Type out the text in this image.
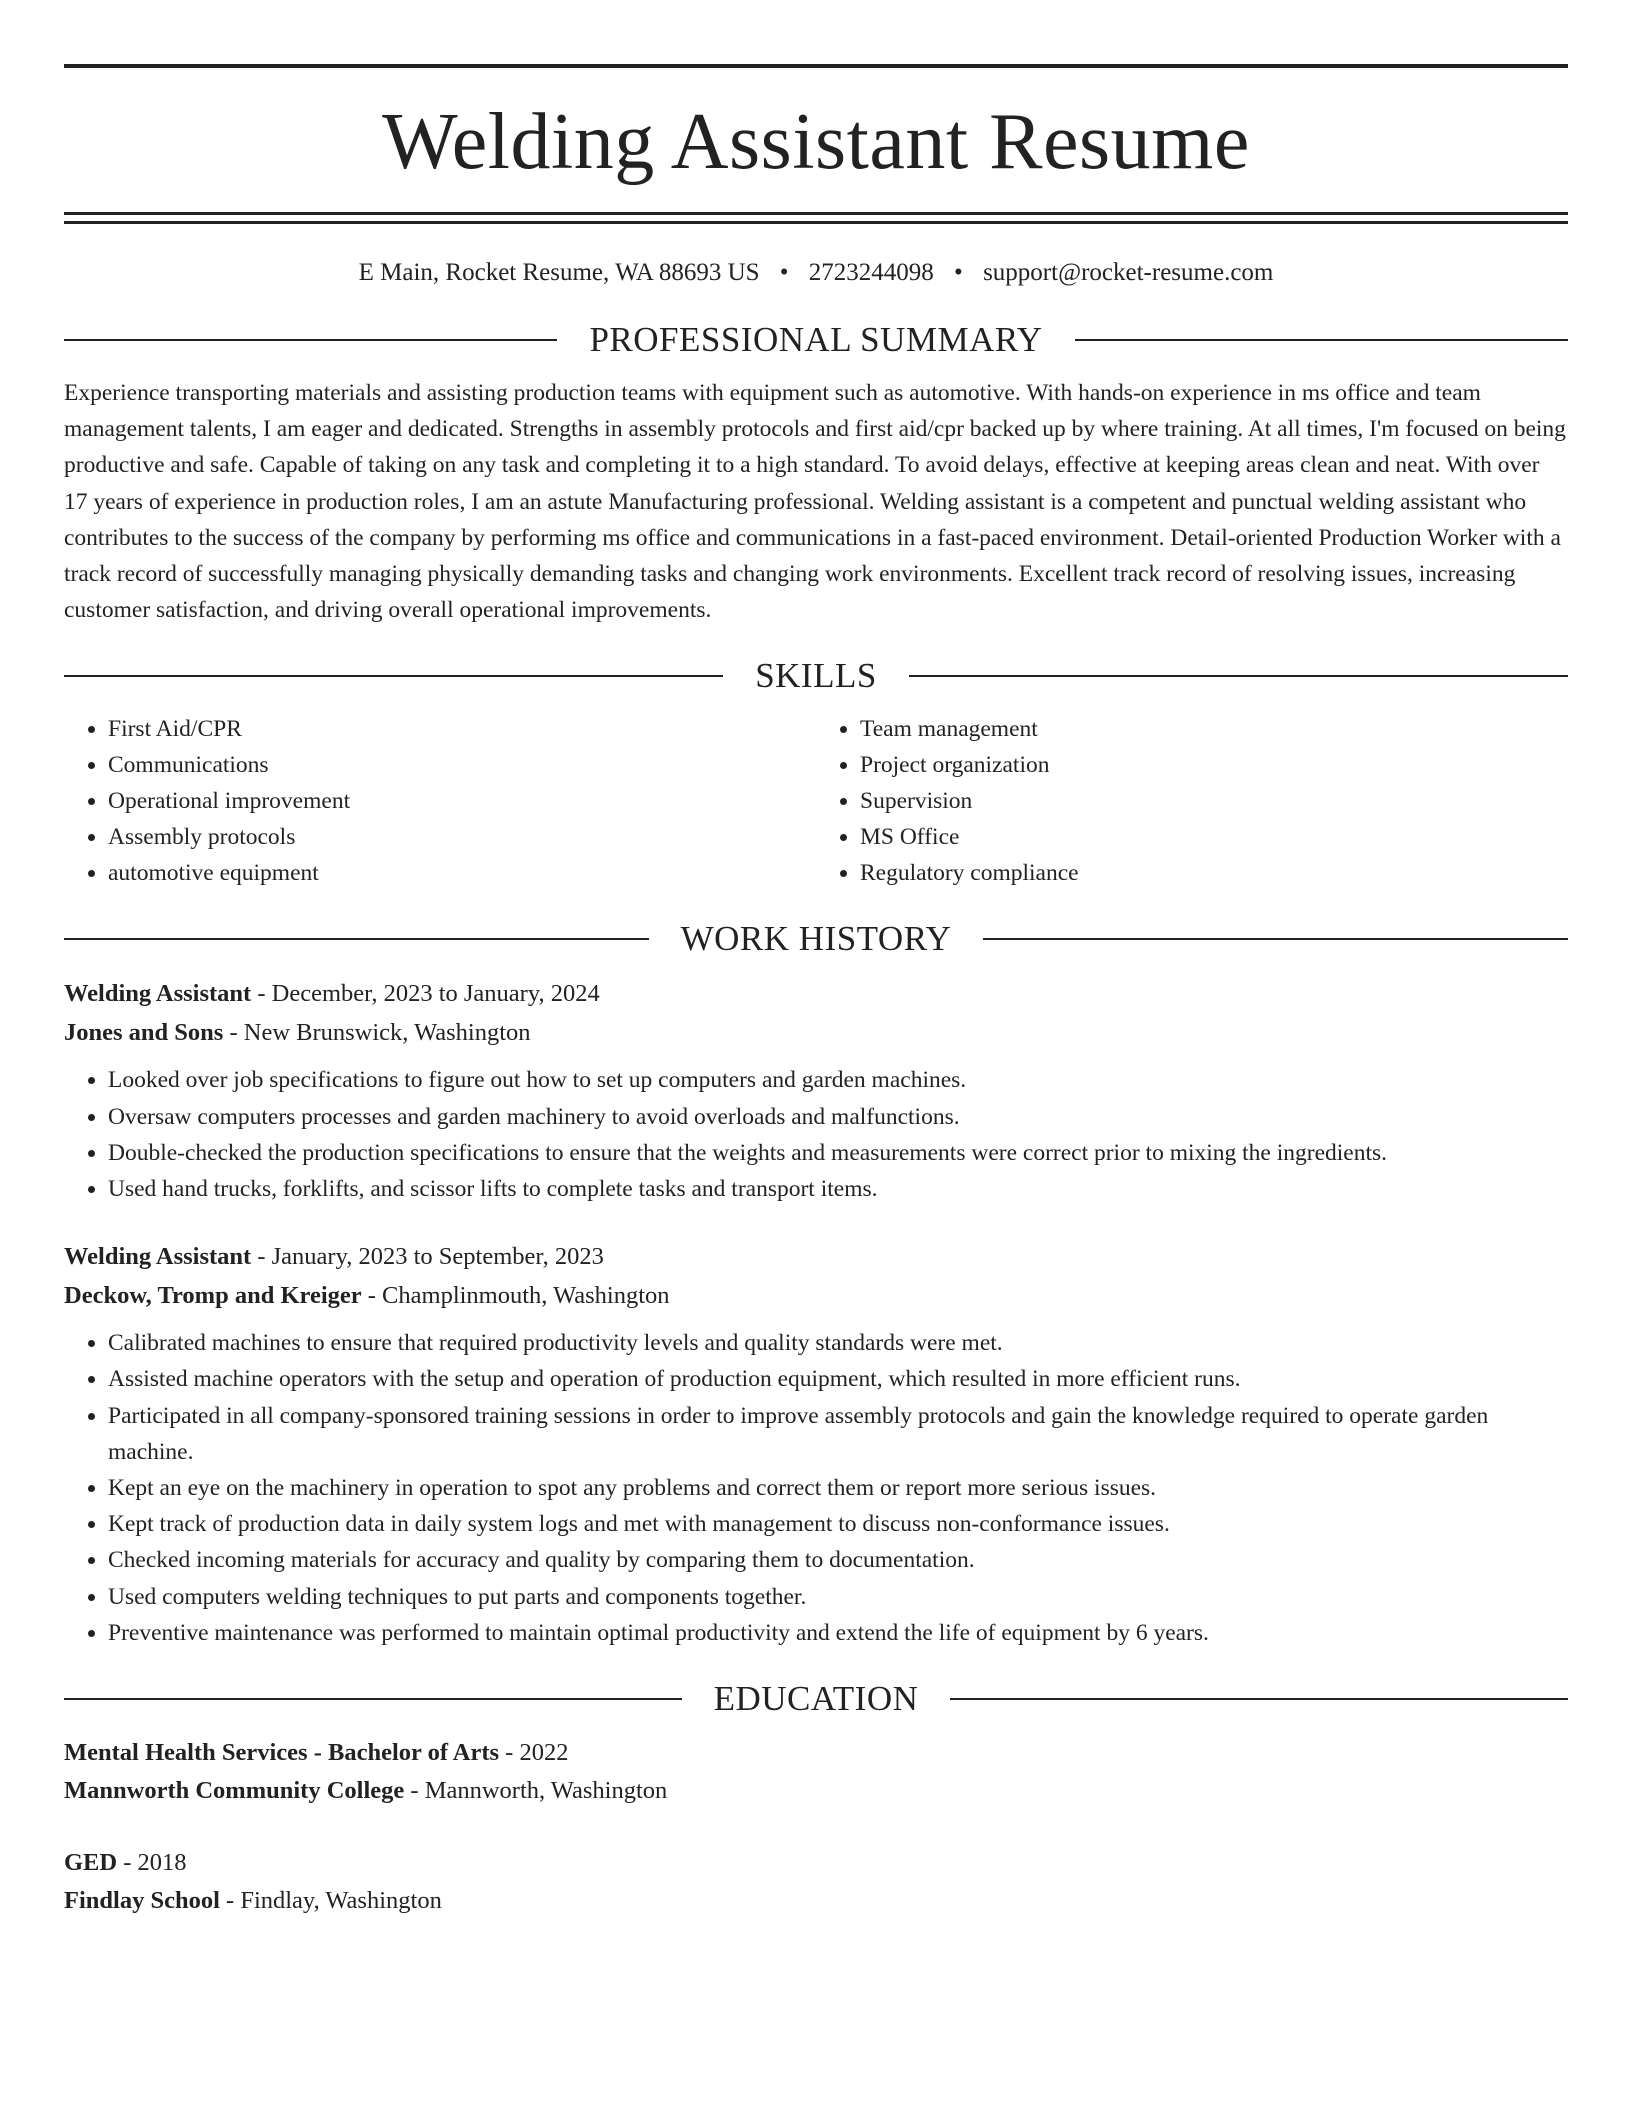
Welding Assistant Resume
E Main, Rocket Resume, WA 88693 US • 2723244098 • support@rocket-resume.com
PROFESSIONAL SUMMARY

Experience transporting materials and assisting production teams with equipment such as automotive. With hands-on experience in ms office and team management talents, I am eager and dedicated. Strengths in assembly protocols and first aid/cpr backed up by where training. At all times, I'm focused on being productive and safe. Capable of taking on any task and completing it to a high standard. To avoid delays, effective at keeping areas clean and neat. With over 17 years of experience in production roles, I am an astute Manufacturing professional. Welding assistant is a competent and punctual welding assistant who contributes to the success of the company by performing ms office and communications in a fast-paced environment. Detail-oriented Production Worker with a track record of successfully managing physically demanding tasks and changing work environments. Excellent track record of resolving issues, increasing customer satisfaction, and driving overall operational improvements.

SKILLS
• First Aid/CPR
• Communications
• Operational improvement
• Assembly protocols
• automotive equipment
• Team management
• Project organization
• Supervision
• MS Office
• Regulatory compliance
WORK HISTORY
Welding Assistant - December, 2023 to January, 2024
Jones and Sons - New Brunswick, Washington
• Looked over job specifications to figure out how to set up computers and garden machines.
• Oversaw computers processes and garden machinery to avoid overloads and malfunctions.
• Double-checked the production specifications to ensure that the weights and measurements were correct prior to mixing the ingredients.
• Used hand trucks, forklifts, and scissor lifts to complete tasks and transport items.
Welding Assistant - January, 2023 to September, 2023
Deckow, Tromp and Kreiger - Champlinmouth, Washington
• Calibrated machines to ensure that required productivity levels and quality standards were met.
• Assisted machine operators with the setup and operation of production equipment, which resulted in more efficient runs.
• Participated in all company-sponsored training sessions in order to improve assembly protocols and gain the knowledge required to operate garden machine.
• Kept an eye on the machinery in operation to spot any problems and correct them or report more serious issues.
• Kept track of production data in daily system logs and met with management to discuss non-conformance issues.
• Checked incoming materials for accuracy and quality by comparing them to documentation.
• Used computers welding techniques to put parts and components together.
• Preventive maintenance was performed to maintain optimal productivity and extend the life of equipment by 6 years.
EDUCATION
Mental Health Services - Bachelor of Arts - 2022
Mannworth Community College - Mannworth, Washington
GED - 2018
Findlay School - Findlay, Washington
